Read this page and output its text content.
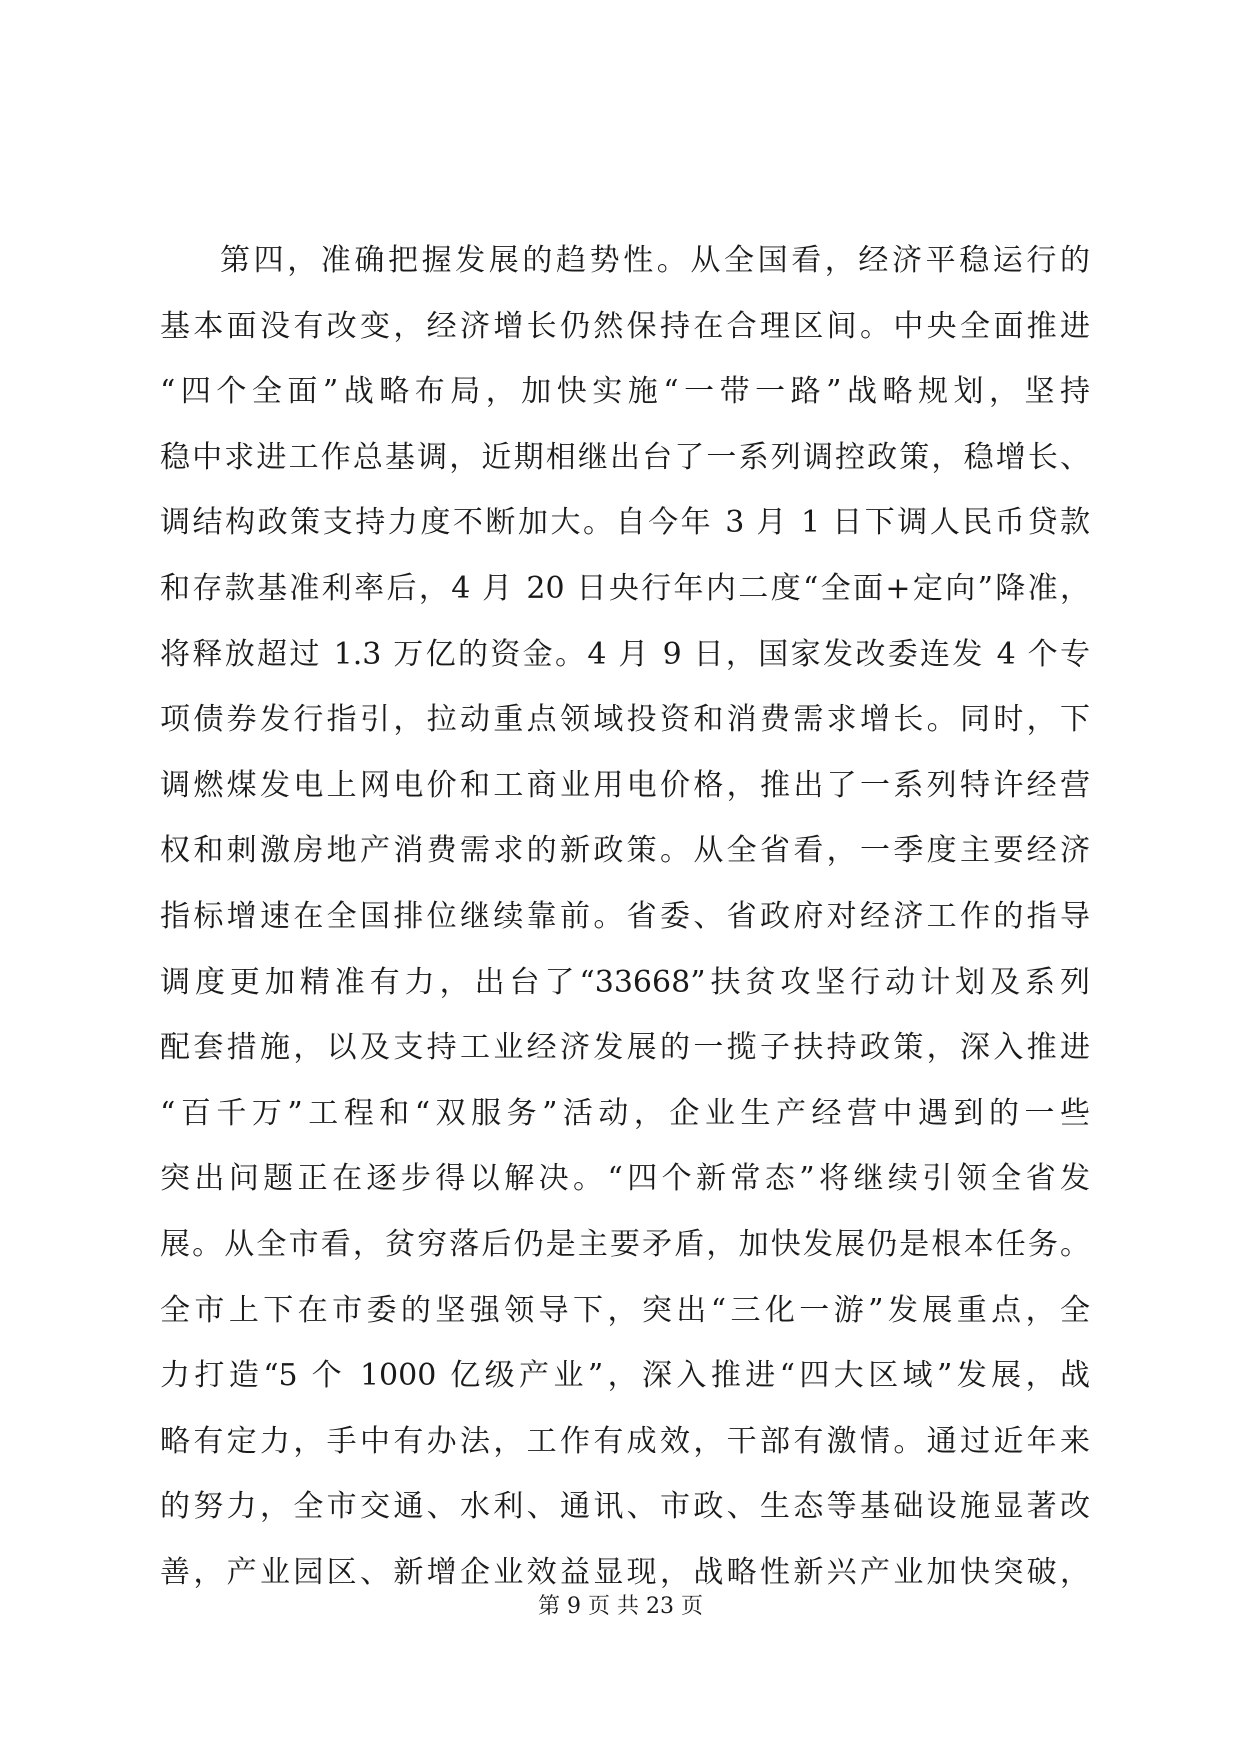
第四，准确把握发展的趋势性。从全国看，经济平稳运行的
基本面没有改变，经济增长仍然保持在合理区间。中央全面推进
“四个全面”战略布局，加快实施“一带一路”战略规划，坚持
稳中求进工作总基调，近期相继出台了一系列调控政策，稳增长、
调结构政策支持力度不断加大。自今年 3 月 1 日下调人民币贷款
和存款基准利率后，4 月 20 日央行年内二度“全面+定向”降准，
将释放超过 1.3 万亿的资金。4 月 9 日，国家发改委连发 4 个专
项债券发行指引，拉动重点领域投资和消费需求增长。同时，下
调燃煤发电上网电价和工商业用电价格，推出了一系列特许经营
权和刺激房地产消费需求的新政策。从全省看，一季度主要经济
指标增速在全国排位继续靠前。省委、省政府对经济工作的指导
调度更加精准有力，出台了“33668”扶贫攻坚行动计划及系列
配套措施，以及支持工业经济发展的一揽子扶持政策，深入推进
“百千万”工程和“双服务”活动，企业生产经营中遇到的一些
突出问题正在逐步得以解决。“四个新常态”将继续引领全省发
展。从全市看，贫穷落后仍是主要矛盾，加快发展仍是根本任务。
全市上下在市委的坚强领导下，突出“三化一游”发展重点，全
力打造“5 个 1000 亿级产业”，深入推进“四大区域”发展，战
略有定力，手中有办法，工作有成效，干部有激情。通过近年来
的努力，全市交通、水利、通讯、市政、生态等基础设施显著改
善，产业园区、新增企业效益显现，战略性新兴产业加快突破，
第 9 页 共 23 页
